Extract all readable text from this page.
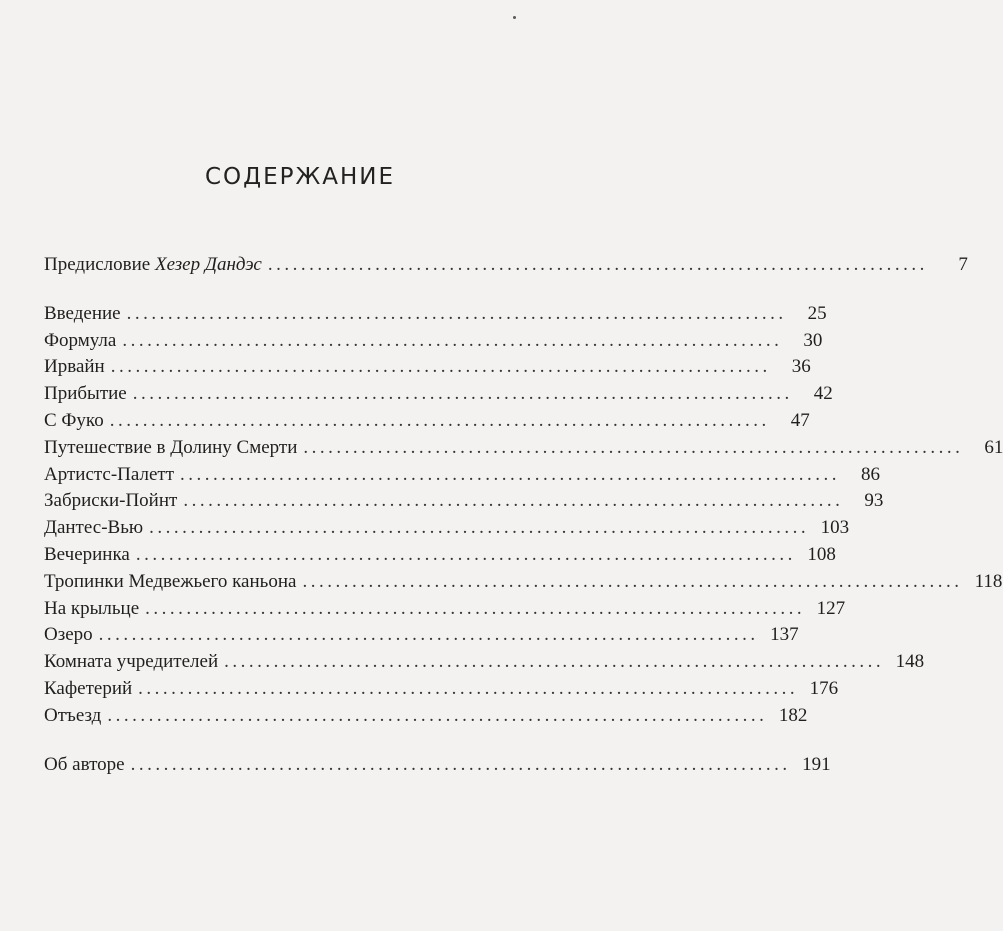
СОДЕРЖАНИЕ
Предисловие Хезер Дандэс ................................................................................	7
Введение ................................................................................	25
Формула ................................................................................	30
Ирвайн ................................................................................	36
Прибытие ................................................................................	42
С Фуко ................................................................................	47
Путешествие в Долину Смерти ................................................................................	61
Артистс-Палетт ................................................................................	86
Забриски-Пойнт ................................................................................	93
Дантес-Вью ................................................................................ 103
Вечеринка ................................................................................ 108
Тропинки Медвежьего каньона ................................................................................ 118
На крыльце ................................................................................ 127
Озеро ................................................................................ 137
Комната учредителей ................................................................................ 148
Кафетерий ................................................................................ 176
Отъезд ................................................................................ 182
Об авторе ................................................................................ 191
